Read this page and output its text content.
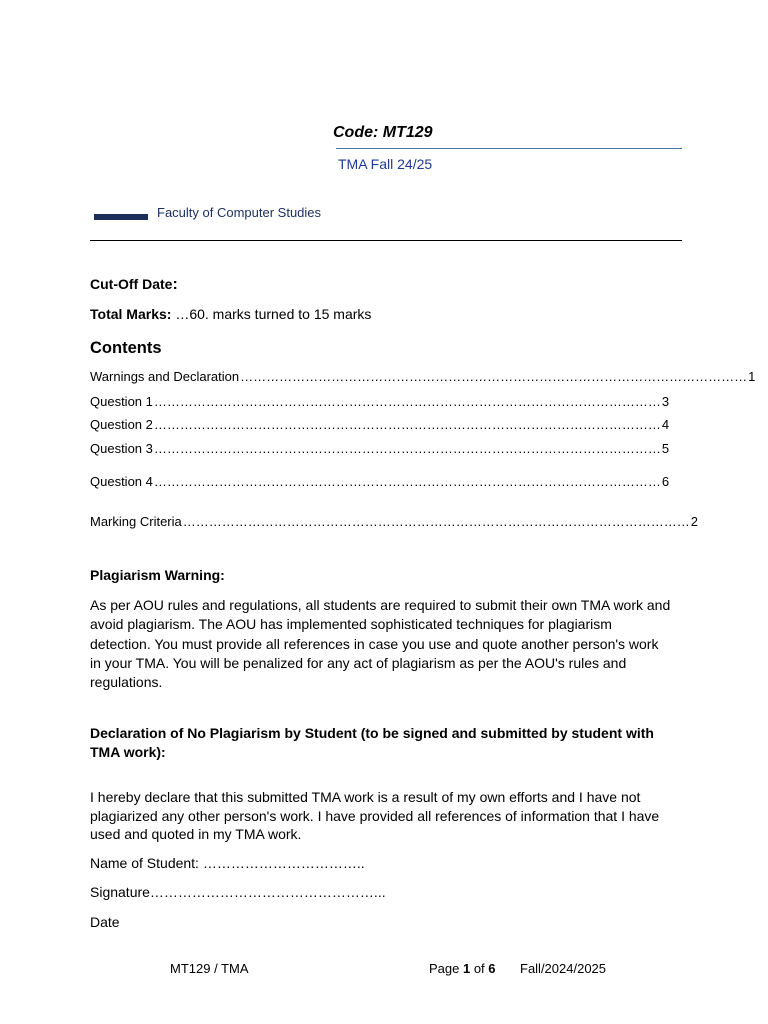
Code: MT129
TMA Fall 24/25
Faculty of Computer Studies
Cut-Off Date:
Total Marks: …60. marks turned to 15 marks
Contents
Warnings and Declaration ……………………………………………………………………………………………………… 1
Question 1 ……………………………………………………………………………………………………… 3
Question 2 ……………………………………………………………………………………………………… 4
Question 3 ……………………………………………………………………………………………………… 5
Question 4 ……………………………………………………………………………………………………… 6
Marking Criteria ……………………………………………………………………………………………………… 2
Plagiarism Warning:
As per AOU rules and regulations, all students are required to submit their own TMA work and avoid plagiarism. The AOU has implemented sophisticated techniques for plagiarism detection. You must provide all references in case you use and quote another person's work in your TMA. You will be penalized for any act of plagiarism as per the AOU's rules and regulations.
Declaration of No Plagiarism by Student (to be signed and submitted by student with TMA work):
I hereby declare that this submitted TMA work is a result of my own efforts and I have not plagiarized any other person's work. I have provided all references of information that I have used and quoted in my TMA work.
Name of Student: ……………………………..
Signature…………………………………………...
Date
MT129 / TMA	Page 1 of 6 Fall/2024/2025
